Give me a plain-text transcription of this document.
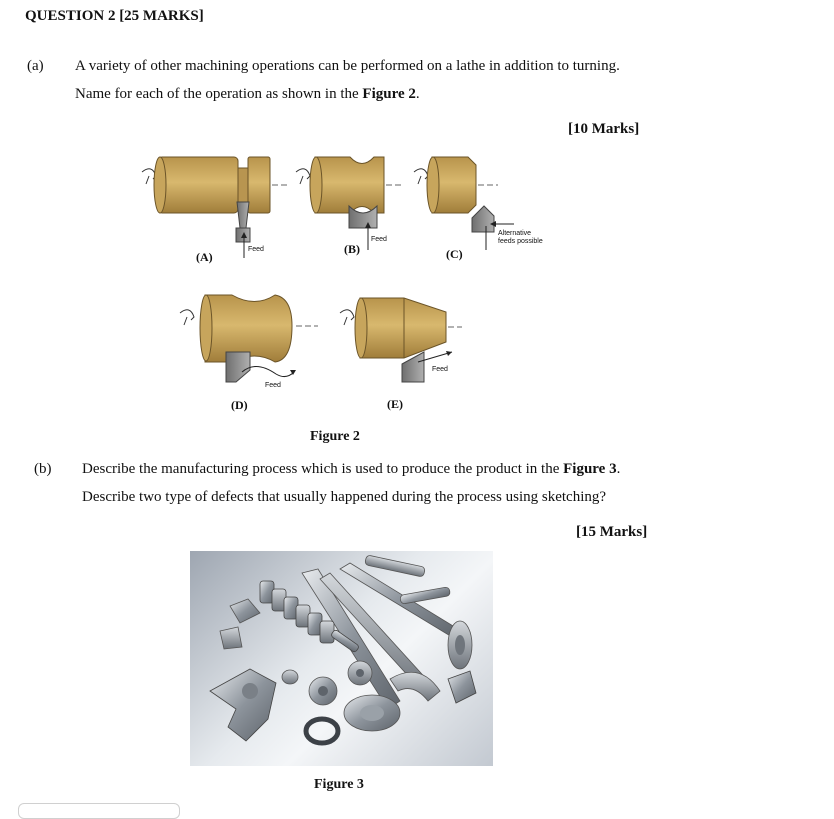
QUESTION 2 [25 MARKS]
(a) A variety of other machining operations can be performed on a lathe in addition to turning.
Name for each of the operation as shown in the Figure 2.
[10 Marks]
(A)
(B)	(C)
(D)	(E)
Feed
Feed
Alternative
feeds possible
Feed
Feed
Figure 2
(b) Describe the manufacturing process which is used to produce the product in the Figure 3.
Describe two type of defects that usually happened during the process using sketching?
[15 Marks]
Figure 3
